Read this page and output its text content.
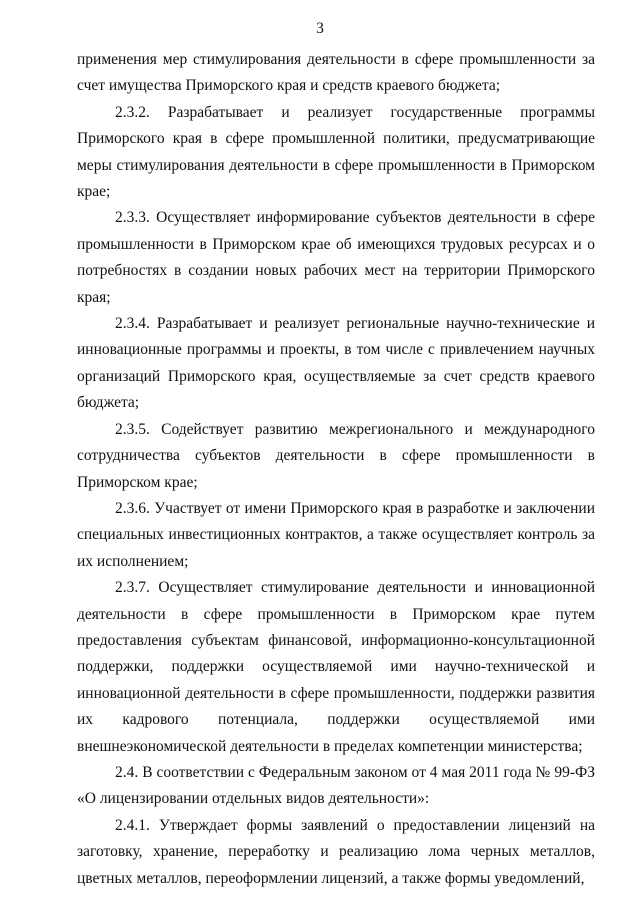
3

применения мер стимулирования деятельности в сфере промышленности за счет имущества Приморского края и средств краевого бюджета;

2.3.2. Разрабатывает и реализует государственные программы Приморского края в сфере промышленной политики, предусматривающие меры стимулирования деятельности в сфере промышленности в Приморском крае;

2.3.3. Осуществляет информирование субъектов деятельности в сфере промышленности в Приморском крае об имеющихся трудовых ресурсах и о потребностях в создании новых рабочих мест на территории Приморского края;

2.3.4. Разрабатывает и реализует региональные научно-технические и инновационные программы и проекты, в том числе с привлечением научных организаций Приморского края, осуществляемые за счет средств краевого бюджета;

2.3.5. Содействует развитию межрегионального и международного сотрудничества субъектов деятельности в сфере промышленности в Приморском крае;

2.3.6. Участвует от имени Приморского края в разработке и заключении специальных инвестиционных контрактов, а также осуществляет контроль за их исполнением;

2.3.7. Осуществляет стимулирование деятельности и инновационной деятельности в сфере промышленности в Приморском крае путем предоставления субъектам финансовой, информационно-консультационной поддержки, поддержки осуществляемой ими научно-технической и инновационной деятельности в сфере промышленности, поддержки развития их кадрового потенциала, поддержки осуществляемой ими внешнеэкономической деятельности в пределах компетенции министерства;

2.4. В соответствии с Федеральным законом от 4 мая 2011 года № 99-ФЗ «О лицензировании отдельных видов деятельности»:

2.4.1. Утверждает формы заявлений о предоставлении лицензий на заготовку, хранение, переработку и реализацию лома черных металлов, цветных металлов, переоформлении лицензий, а также формы уведомлений,
